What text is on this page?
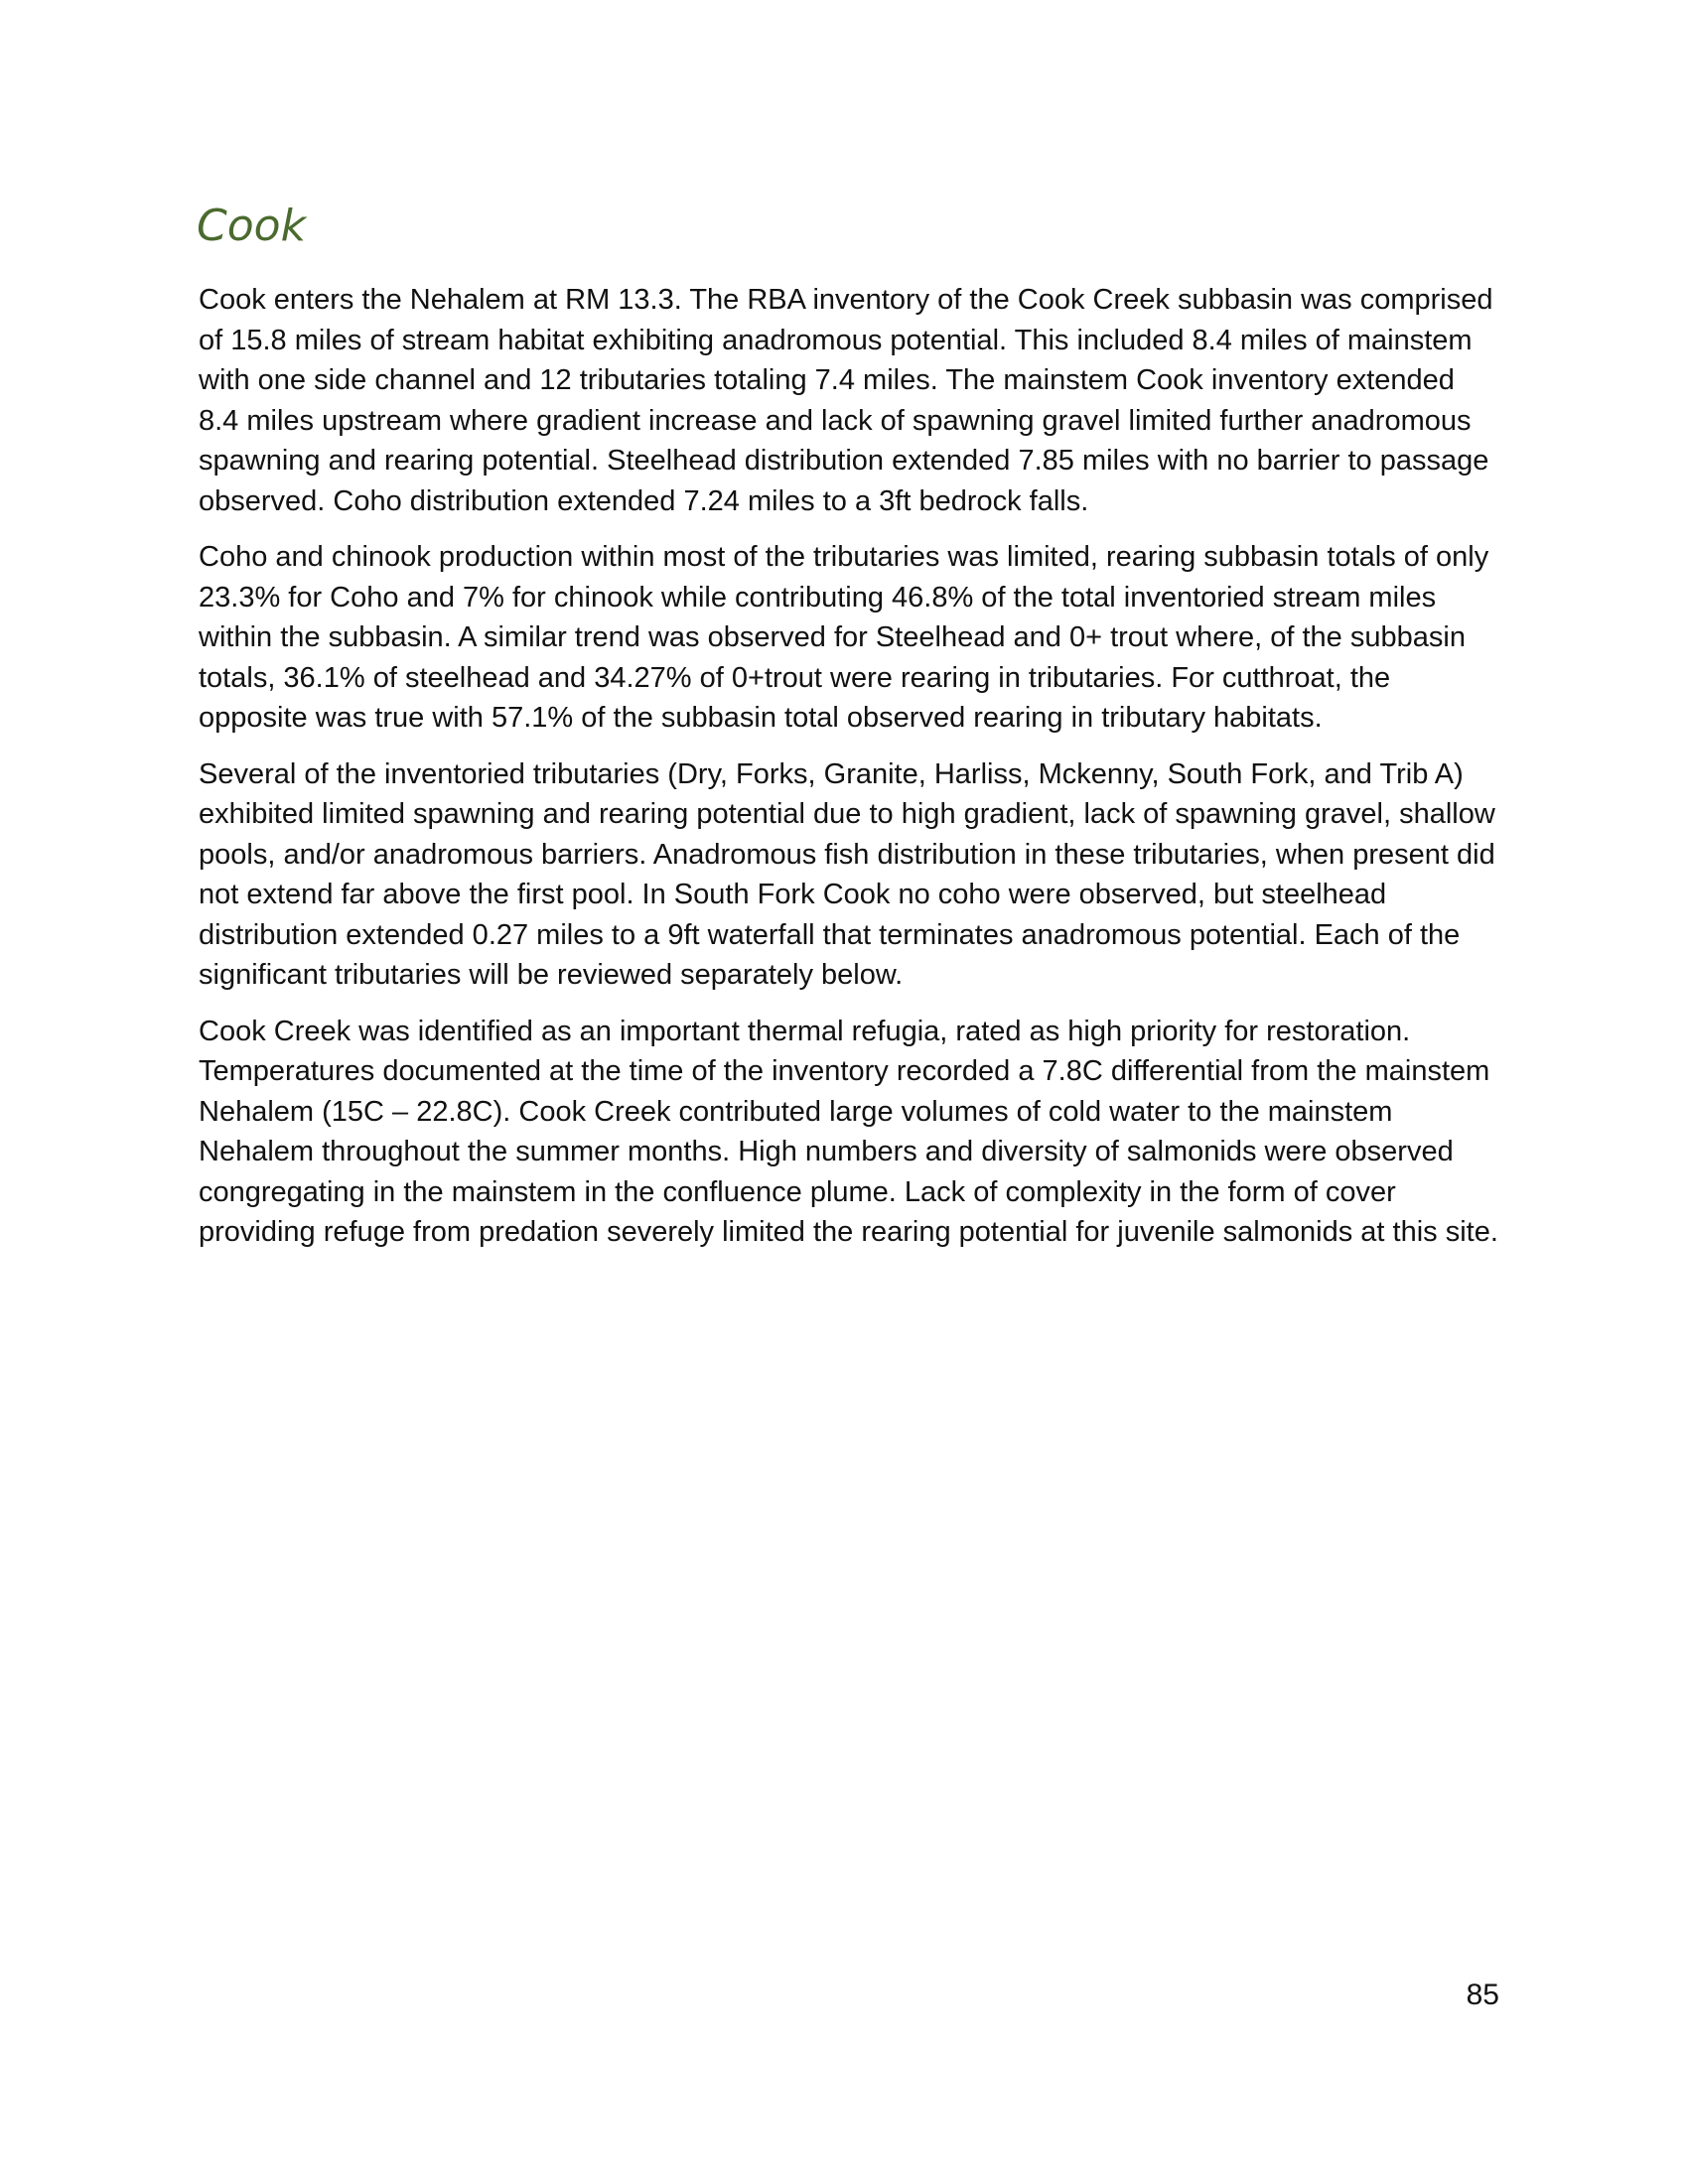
Cook

Cook enters the Nehalem at RM 13.3. The RBA inventory of the Cook Creek subbasin was comprised of 15.8 miles of stream habitat exhibiting anadromous potential. This included 8.4 miles of mainstem with one side channel and 12 tributaries totaling 7.4 miles. The mainstem Cook inventory extended 8.4 miles upstream where gradient increase and lack of spawning gravel limited further anadromous spawning and rearing potential. Steelhead distribution extended 7.85 miles with no barrier to passage observed. Coho distribution extended 7.24 miles to a 3ft bedrock falls.

Coho and chinook production within most of the tributaries was limited, rearing subbasin totals of only 23.3% for Coho and 7% for chinook while contributing 46.8% of the total inventoried stream miles within the subbasin. A similar trend was observed for Steelhead and 0+ trout where, of the subbasin totals, 36.1% of steelhead and 34.27% of 0+trout were rearing in tributaries. For cutthroat, the opposite was true with 57.1% of the subbasin total observed rearing in tributary habitats.

Several of the inventoried tributaries (Dry, Forks, Granite, Harliss, Mckenny, South Fork, and Trib A) exhibited limited spawning and rearing potential due to high gradient, lack of spawning gravel, shallow pools, and/or anadromous barriers. Anadromous fish distribution in these tributaries, when present did not extend far above the first pool. In South Fork Cook no coho were observed, but steelhead distribution extended 0.27 miles to a 9ft waterfall that terminates anadromous potential. Each of the significant tributaries will be reviewed separately below.

Cook Creek was identified as an important thermal refugia, rated as high priority for restoration. Temperatures documented at the time of the inventory recorded a 7.8C differential from the mainstem Nehalem (15C – 22.8C). Cook Creek contributed large volumes of cold water to the mainstem Nehalem throughout the summer months. High numbers and diversity of salmonids were observed congregating in the mainstem in the confluence plume. Lack of complexity in the form of cover providing refuge from predation severely limited the rearing potential for juvenile salmonids at this site.

85
